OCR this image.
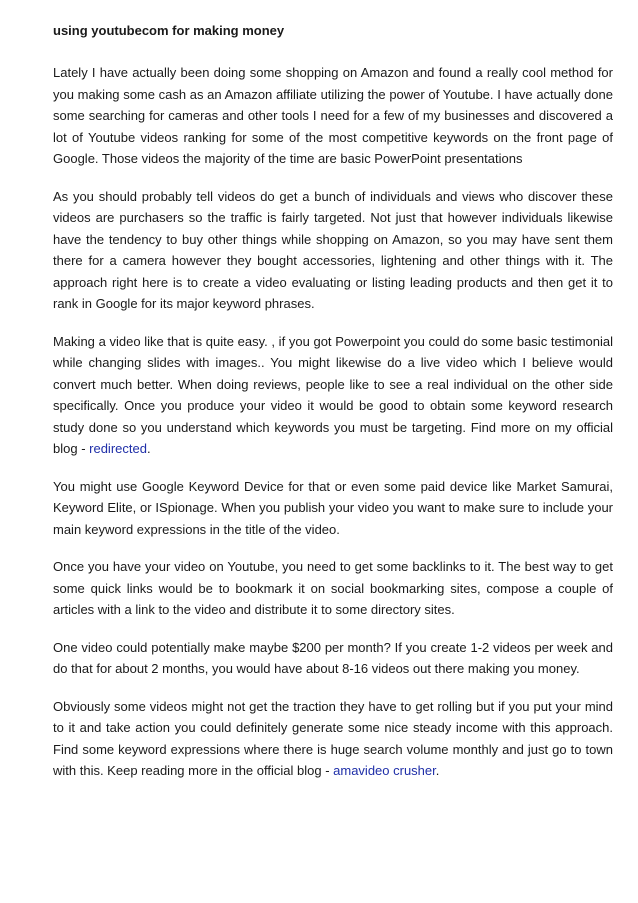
using youtubecom for making money

Lately I have actually been doing some shopping on Amazon and found a really cool method for you making some cash as an Amazon affiliate utilizing the power of Youtube. I have actually done some searching for cameras and other tools I need for a few of my businesses and discovered a lot of Youtube videos ranking for some of the most competitive keywords on the front page of Google. Those videos the majority of the time are basic PowerPoint presentations

As you should probably tell videos do get a bunch of individuals and views who discover these videos are purchasers so the traffic is fairly targeted. Not just that however individuals likewise have the tendency to buy other things while shopping on Amazon, so you may have sent them there for a camera however they bought accessories, lightening and other things with it. The approach right here is to create a video evaluating or listing leading products and then get it to rank in Google for its major keyword phrases.

Making a video like that is quite easy. , if you got Powerpoint you could do some basic testimonial while changing slides with images.. You might likewise do a live video which I believe would convert much better. When doing reviews, people like to see a real individual on the other side specifically. Once you produce your video it would be good to obtain some keyword research study done so you understand which keywords you must be targeting. Find more on my official blog - redirected.

You might use Google Keyword Device for that or even some paid device like Market Samurai, Keyword Elite, or ISpionage. When you publish your video you want to make sure to include your main keyword expressions in the title of the video.

Once you have your video on Youtube, you need to get some backlinks to it. The best way to get some quick links would be to bookmark it on social bookmarking sites, compose a couple of articles with a link to the video and distribute it to some directory sites.

One video could potentially make maybe $200 per month? If you create 1-2 videos per week and do that for about 2 months, you would have about 8-16 videos out there making you money.

Obviously some videos might not get the traction they have to get rolling but if you put your mind to it and take action you could definitely generate some nice steady income with this approach. Find some keyword expressions where there is huge search volume monthly and just go to town with this. Keep reading more in the official blog - amavideo crusher.
